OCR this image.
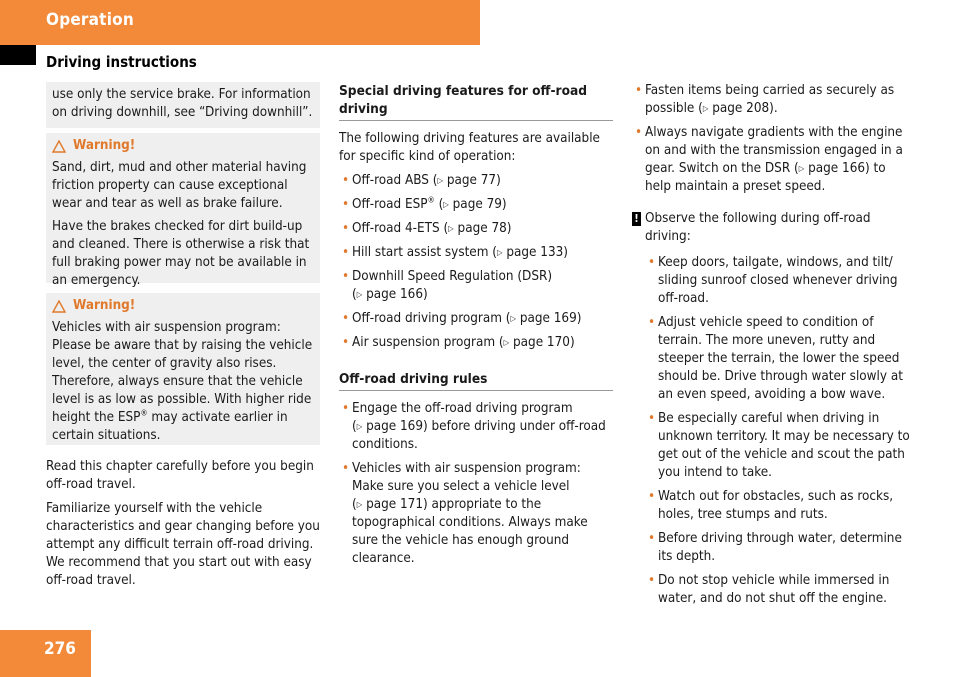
Operation
Driving instructions

use only the service brake. For information on driving downhill, see “Driving downhill”.

Warning!

Sand, dirt, mud and other material having friction property can cause exceptional wear and tear as well as brake failure.

Have the brakes checked for dirt build-up and cleaned. There is otherwise a risk that full braking power may not be available in an emergency.

Warning!

Vehicles with air suspension program: Please be aware that by raising the vehicle level, the center of gravity also rises. Therefore, always ensure that the vehicle level is as low as possible. With higher ride height the ESP® may activate earlier in certain situations.

Read this chapter carefully before you begin off-road travel.

Familiarize yourself with the vehicle characteristics and gear changing before you attempt any difficult terrain off-road driving. We recommend that you start out with easy off-road travel.

Special driving features for off-road driving

The following driving features are available for specific kind of operation:

• Off-road ABS (▷ page 77)
• Off-road ESP® (▷ page 79)
• Off-road 4-ETS (▷ page 78)
• Hill start assist system (▷ page 133)
• Downhill Speed Regulation (DSR)
(▷ page 166)
• Off-road driving program (▷ page 169)
• Air suspension program (▷ page 170)
Off-road driving rules
• Engage the off-road driving program
(▷ page 169) before driving under off-road conditions.
• Vehicles with air suspension program: Make sure you select a vehicle level
(▷ page 171) appropriate to the topographical conditions. Always make sure the vehicle has enough ground clearance.
• Fasten items being carried as securely as possible (▷ page 208).
• Always navigate gradients with the engine on and with the transmission engaged in a gear. Switch on the DSR (▷ page 166) to help maintain a preset speed.
! Observe the following during off-road driving:
• Keep doors, tailgate, windows, and tilt/ sliding sunroof closed whenever driving off-road.
• Adjust vehicle speed to condition of terrain. The more uneven, rutty and steeper the terrain, the lower the speed should be. Drive through water slowly at an even speed, avoiding a bow wave.
• Be especially careful when driving in unknown territory. It may be necessary to get out of the vehicle and scout the path you intend to take.
• Watch out for obstacles, such as rocks, holes, tree stumps and ruts.
• Before driving through water, determine its depth.
• Do not stop vehicle while immersed in water, and do not shut off the engine.
276
